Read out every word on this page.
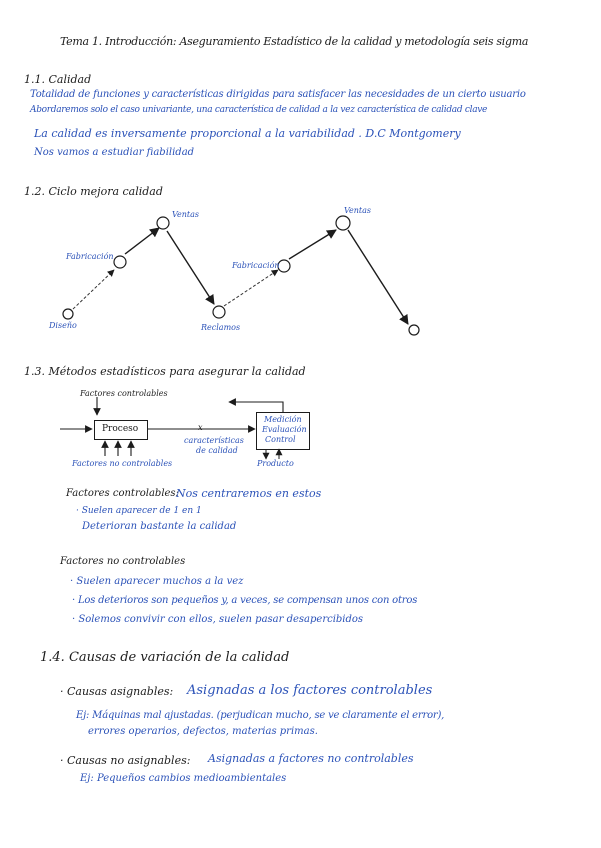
Tema 1. Introducción: Aseguramiento Estadístico de la calidad y metodología seis sigma
1.1. Calidad
Totalidad de funciones y características dirigidas para satisfacer las necesidades de un cierto usuario
Abordaremos solo el caso univariante, una característica de calidad a la vez característica de calidad clave
La calidad es inversamente proporcional a la variabilidad . D.C Montgomery
Nos vamos a estudiar fiabilidad
1.2. Ciclo mejora calidad
Diseño
Fabricación
Ventas
Reclamos
Fabricación
Ventas
1.3. Métodos estadísticos para asegurar la calidad
Factores controlables
Proceso
Factores no controlables
x
características
de calidad
Medición
Evaluación
Control
Producto
Factores controlables:
Nos centraremos en estos
· Suelen aparecer de 1 en 1
Deterioran bastante la calidad
Factores no controlables
· Suelen aparecer muchos a la vez
· Los deterioros son pequeños y, a veces, se compensan unos con otros
· Solemos convivir con ellos, suelen pasar desapercibidos
1.4. Causas de variación de la calidad
· Causas asignables: Asignadas a los factores controlables
Ej: Máquinas mal ajustadas. (perjudican mucho, se ve claramente el error),
errores operarios, defectos, materias primas.
· Causas no asignables: Asignadas a factores no controlables
Ej: Pequeños cambios medioambientales
